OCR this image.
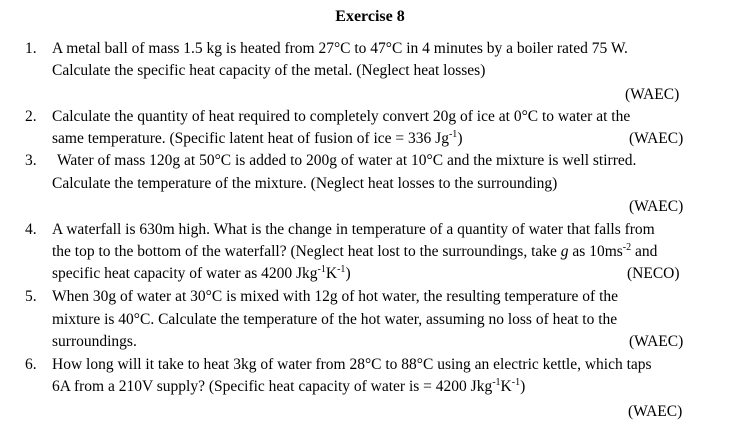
Exercise 8
1. A metal ball of mass 1.5 kg is heated from 27°C to 47°C in 4 minutes by a boiler rated 75 W.
Calculate the specific heat capacity of the metal. (Neglect heat losses)
(WAEC)
2. Calculate the quantity of heat required to completely convert 20g of ice at 0°C to water at the
same temperature. (Specific latent heat of fusion of ice = 336 $Jg^{-1}$)	(WAEC)
3. Water of mass 120g at 50°C is added to 200g of water at 10°C and the mixture is well stirred.
Calculate the temperature of the mixture. (Neglect heat losses to the surrounding)
(WAEC)
4. A waterfall is 630m high. What is the change in temperature of a quantity of water that falls from
the top to the bottom of the waterfall? (Neglect heat lost to the surroundings, take g as $10ms^{-2}$ and
specific heat capacity of water as 4200 $Jkg^{-1}K^{-1}$)	(NECO)
5. When 30g of water at 30°C is mixed with 12g of hot water, the resulting temperature of the
mixture is 40°C. Calculate the temperature of the hot water, assuming no loss of heat to the
surroundings.	(WAEC)
6. How long will it take to heat 3kg of water from 28°C to 88°C using an electric kettle, which taps
6A from a 210V supply? (Specific heat capacity of water is = 4200 $Jkg^{-1}K^{-1}$)
(WAEC)
